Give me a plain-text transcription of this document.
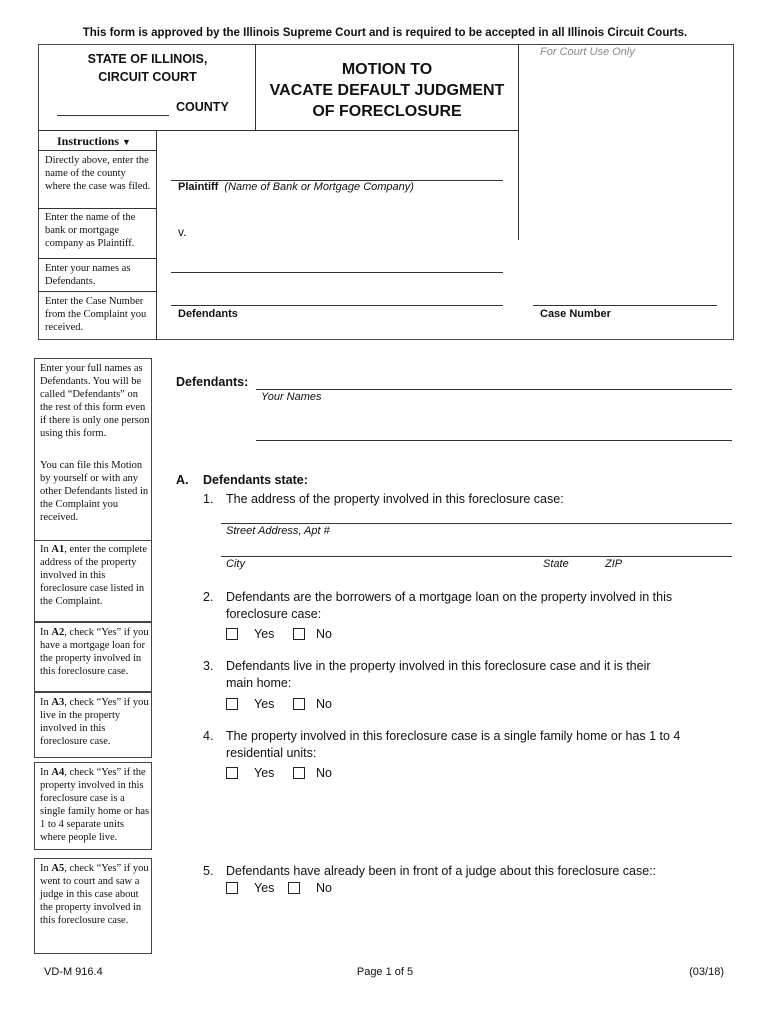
This form is approved by the Illinois Supreme Court and is required to be accepted in all Illinois Circuit Courts.
STATE OF ILLINOIS,
CIRCUIT COURT
COUNTY
MOTION TO
VACATE DEFAULT JUDGMENT
OF FORECLOSURE
For Court Use Only
Instructions ▼
Directly above, enter the name of the county where the case was filed.
Enter the name of the bank or mortgage company as Plaintiff.
Enter your names as Defendants.
Enter the Case Number from the Complaint you received.
Plaintiff (Name of Bank or Mortgage Company)
v.
Defendants	Case Number
Enter your full names as Defendants. You will be called “Defendants” on the rest of this form even if there is only one person using this form.
You can file this Motion by yourself or with any other Defendants listed in the Complaint you received.
In A1, enter the complete address of the property involved in this foreclosure case listed in the Complaint.
In A2, check “Yes” if you have a mortgage loan for the property involved in this foreclosure case.
In A3, check “Yes” if you live in the property involved in this foreclosure case.
In A4, check “Yes” if the property involved in this foreclosure case is a single family home or has 1 to 4 separate units where people live.
In A5, check “Yes” if you went to court and saw a judge in this case about the property involved in this foreclosure case.
Defendants:
Your Names
A. Defendants state:
1. The address of the property involved in this foreclosure case:
Street Address, Apt #
City	State	ZIP
2. Defendants are the borrowers of a mortgage loan on the property involved in this foreclosure case:
Yes	No
3. Defendants live in the property involved in this foreclosure case and it is their main home:
Yes	No
4. The property involved in this foreclosure case is a single family home or has 1 to 4 residential units:
Yes	No
5. Defendants have already been in front of a judge about this foreclosure case::
Yes	No
VD-M 916.4	Page 1 of 5	(03/18)
